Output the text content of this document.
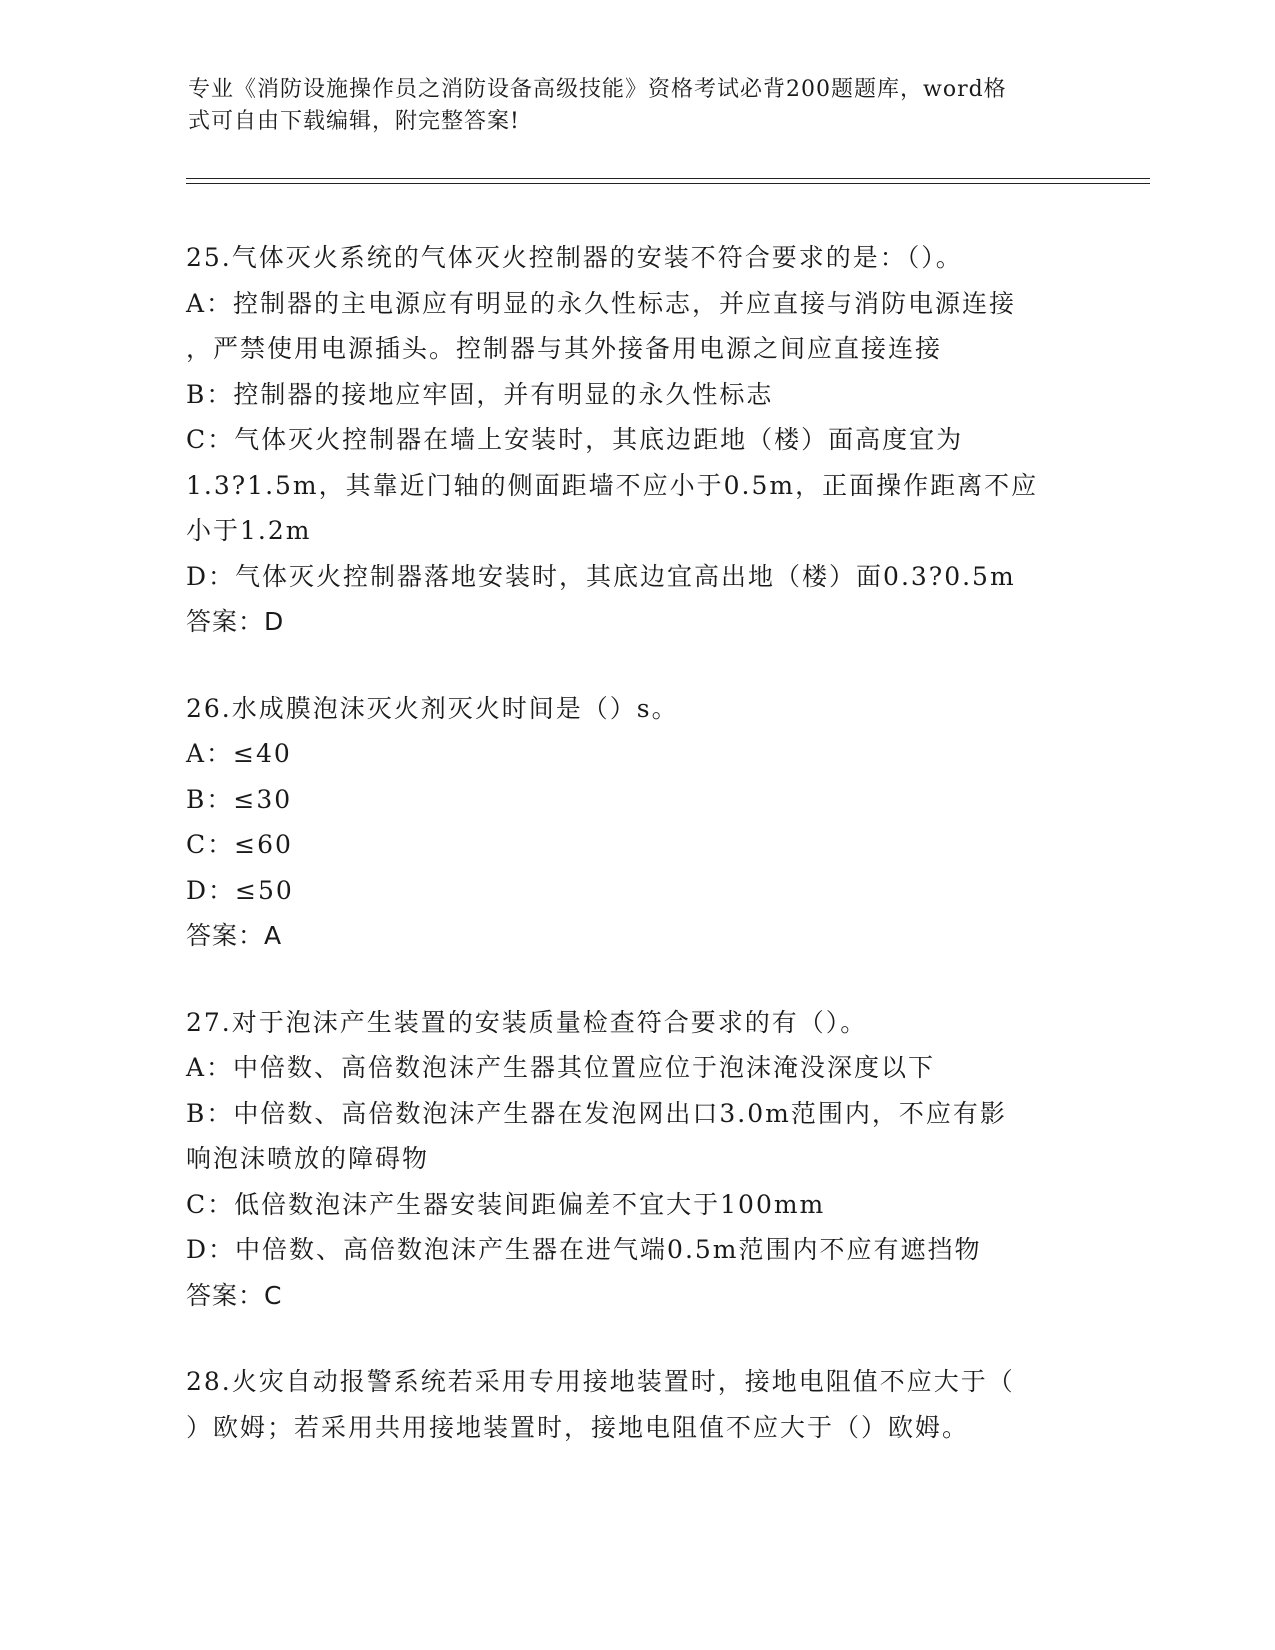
专业《消防设施操作员之消防设备高级技能》资格考试必背200题题库，word格
式可自由下载编辑，附完整答案!
25.气体灭火系统的气体灭火控制器的安装不符合要求的是：（）。
A：控制器的主电源应有明显的永久性标志，并应直接与消防电源连接
，严禁使用电源插头。控制器与其外接备用电源之间应直接连接
B：控制器的接地应牢固，并有明显的永久性标志
C：气体灭火控制器在墙上安装时，其底边距地（楼）面高度宜为
1.3?1.5m，其靠近门轴的侧面距墙不应小于0.5m，正面操作距离不应
小于1.2m
D：气体灭火控制器落地安装时，其底边宜高出地（楼）面0.3?0.5m
答案：D
26.水成膜泡沫灭火剂灭火时间是（）s。
A：≤40
B：≤30
C：≤60
D：≤50
答案：A
27.对于泡沫产生装置的安装质量检查符合要求的有（）。
A：中倍数、高倍数泡沫产生器其位置应位于泡沫淹没深度以下
B：中倍数、高倍数泡沫产生器在发泡网出口3.0m范围内，不应有影
响泡沫喷放的障碍物
C：低倍数泡沫产生器安装间距偏差不宜大于100mm
D：中倍数、高倍数泡沫产生器在进气端0.5m范围内不应有遮挡物
答案：C
28.火灾自动报警系统若采用专用接地装置时，接地电阻值不应大于（
）欧姆；若采用共用接地装置时，接地电阻值不应大于（）欧姆。
